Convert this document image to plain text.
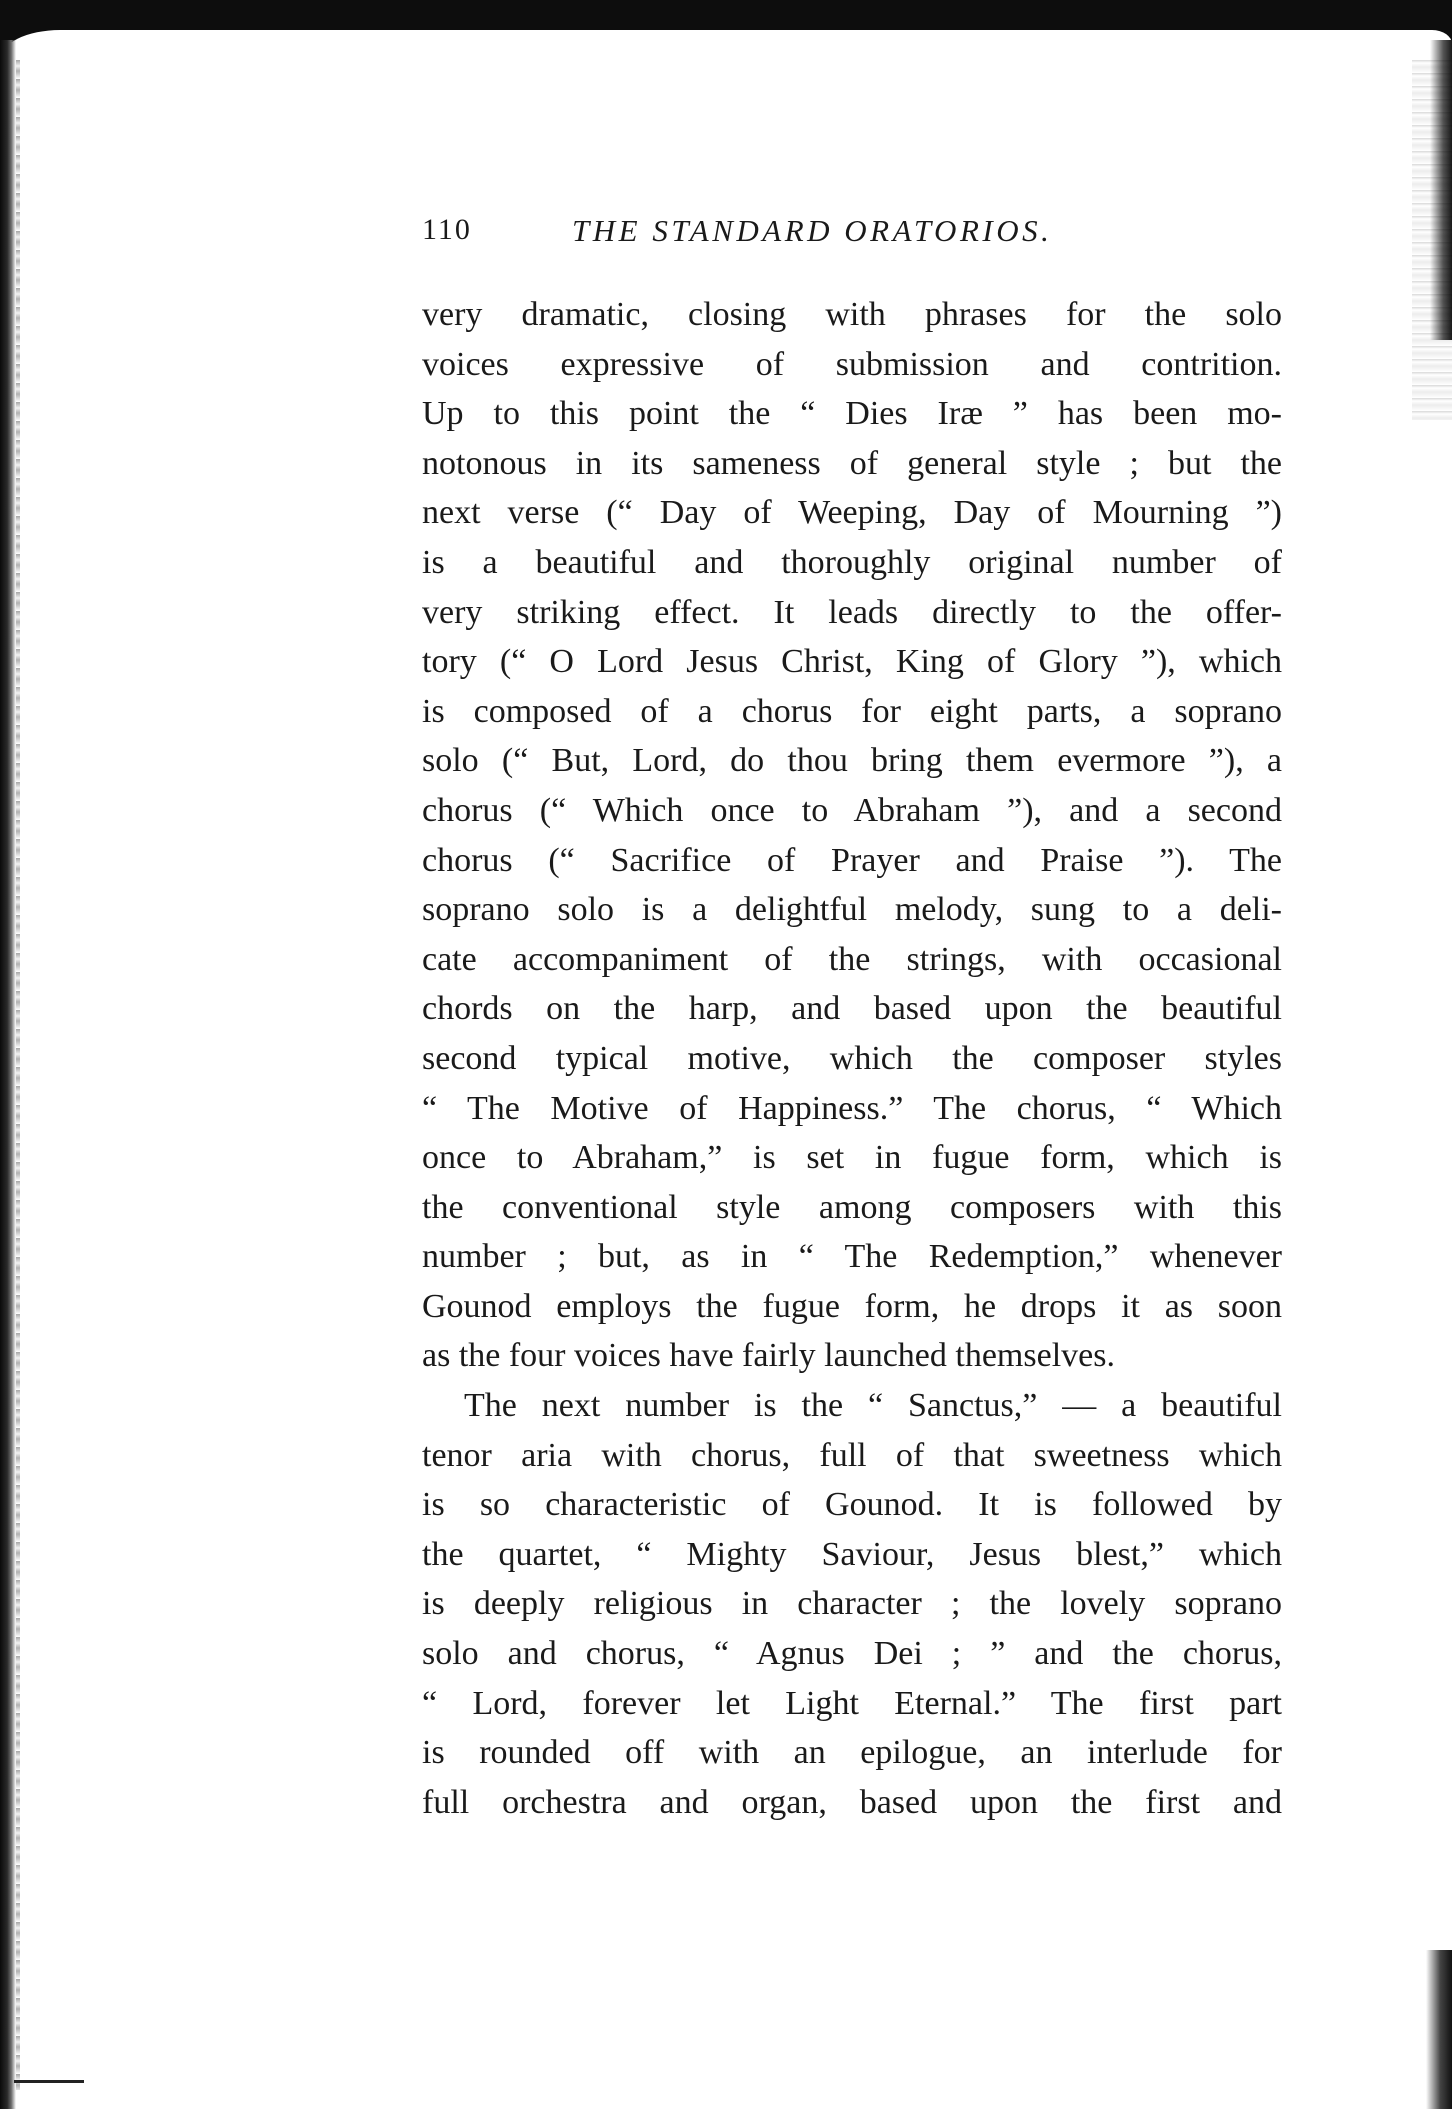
110	THE STANDARD ORATORIOS.
very dramatic, closing with phrases for the solo
voices expressive of submission and contrition.
Up to this point the “ Dies Iræ ” has been mo-
notonous in its sameness of general style ; but the
next verse (“ Day of Weeping, Day of Mourning ”)
is a beautiful and thoroughly original number of
very striking effect. It leads directly to the offer-
tory (“ O Lord Jesus Christ, King of Glory ”), which
is composed of a chorus for eight parts, a soprano
solo (“ But, Lord, do thou bring them evermore ”), a
chorus (“ Which once to Abraham ”), and a second
chorus (“ Sacrifice of Prayer and Praise ”). The
soprano solo is a delightful melody, sung to a deli-
cate accompaniment of the strings, with occasional
chords on the harp, and based upon the beautiful
second typical motive, which the composer styles
“ The Motive of Happiness.” The chorus, “ Which
once to Abraham,” is set in fugue form, which is
the conventional style among composers with this
number ; but, as in “ The Redemption,” whenever
Gounod employs the fugue form, he drops it as soon
as the four voices have fairly launched themselves.
The next number is the “ Sanctus,” — a beautiful
tenor aria with chorus, full of that sweetness which
is so characteristic of Gounod. It is followed by
the quartet, “ Mighty Saviour, Jesus blest,” which
is deeply religious in character ; the lovely soprano
solo and chorus, “ Agnus Dei ; ” and the chorus,
“ Lord, forever let Light Eternal.” The first part
is rounded off with an epilogue, an interlude for
full orchestra and organ, based upon the first and
